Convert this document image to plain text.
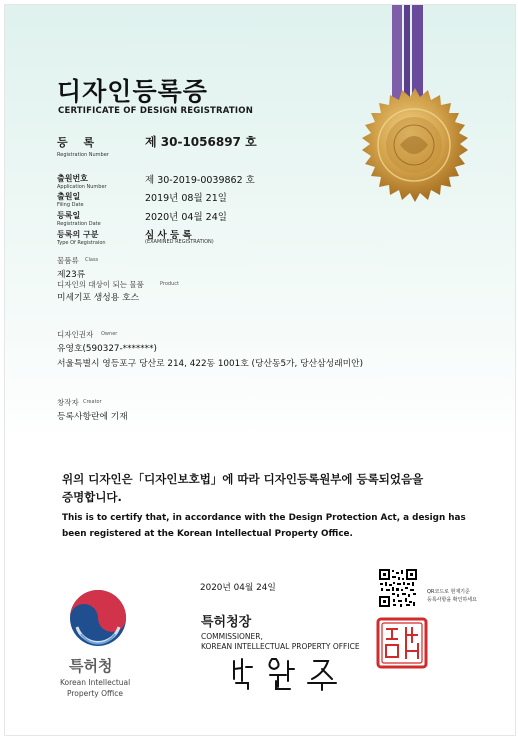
디자인등록증
CERTIFICATE OF DESIGN REGISTRATION
등 록
Registration Number
제 30-1056897 호
출원번호
Application Number
제 30-2019-0039862 호
출원일
Filing Date
2019년 08월 21일
등록일
Registration Date
2020년 04월 24일
등록의 구분
Type Of Registraion
심 사 등 록
(EXAMINED REGISTRATION)
물품류 Class
제23류
디자인의 대상이 되는 물품	Product
미세기포 생성용 호스
디자인권자 Owner
유영호(590327-*******)
서울특별시 영등포구 당산로 214, 422동 1001호 (당산동5가, 당산삼성래미안)
창작자 Creator
등록사항란에 기재
위의 디자인은「디자인보호법」에 따라 디자인등록원부에 등록되었음을
증명합니다.
This is to certify that, in accordance with the Design Protection Act, a design has
been registered at the Korean Intellectual Property Office.
2020년 04월 24일	QR코드로 현재기준
등록사항을 확인하세요
특허청장
COMMISSIONER,
KOREAN INTELLECTUAL PROPERTY OFFICE
특허청
Korean Intellectual
Property Office
